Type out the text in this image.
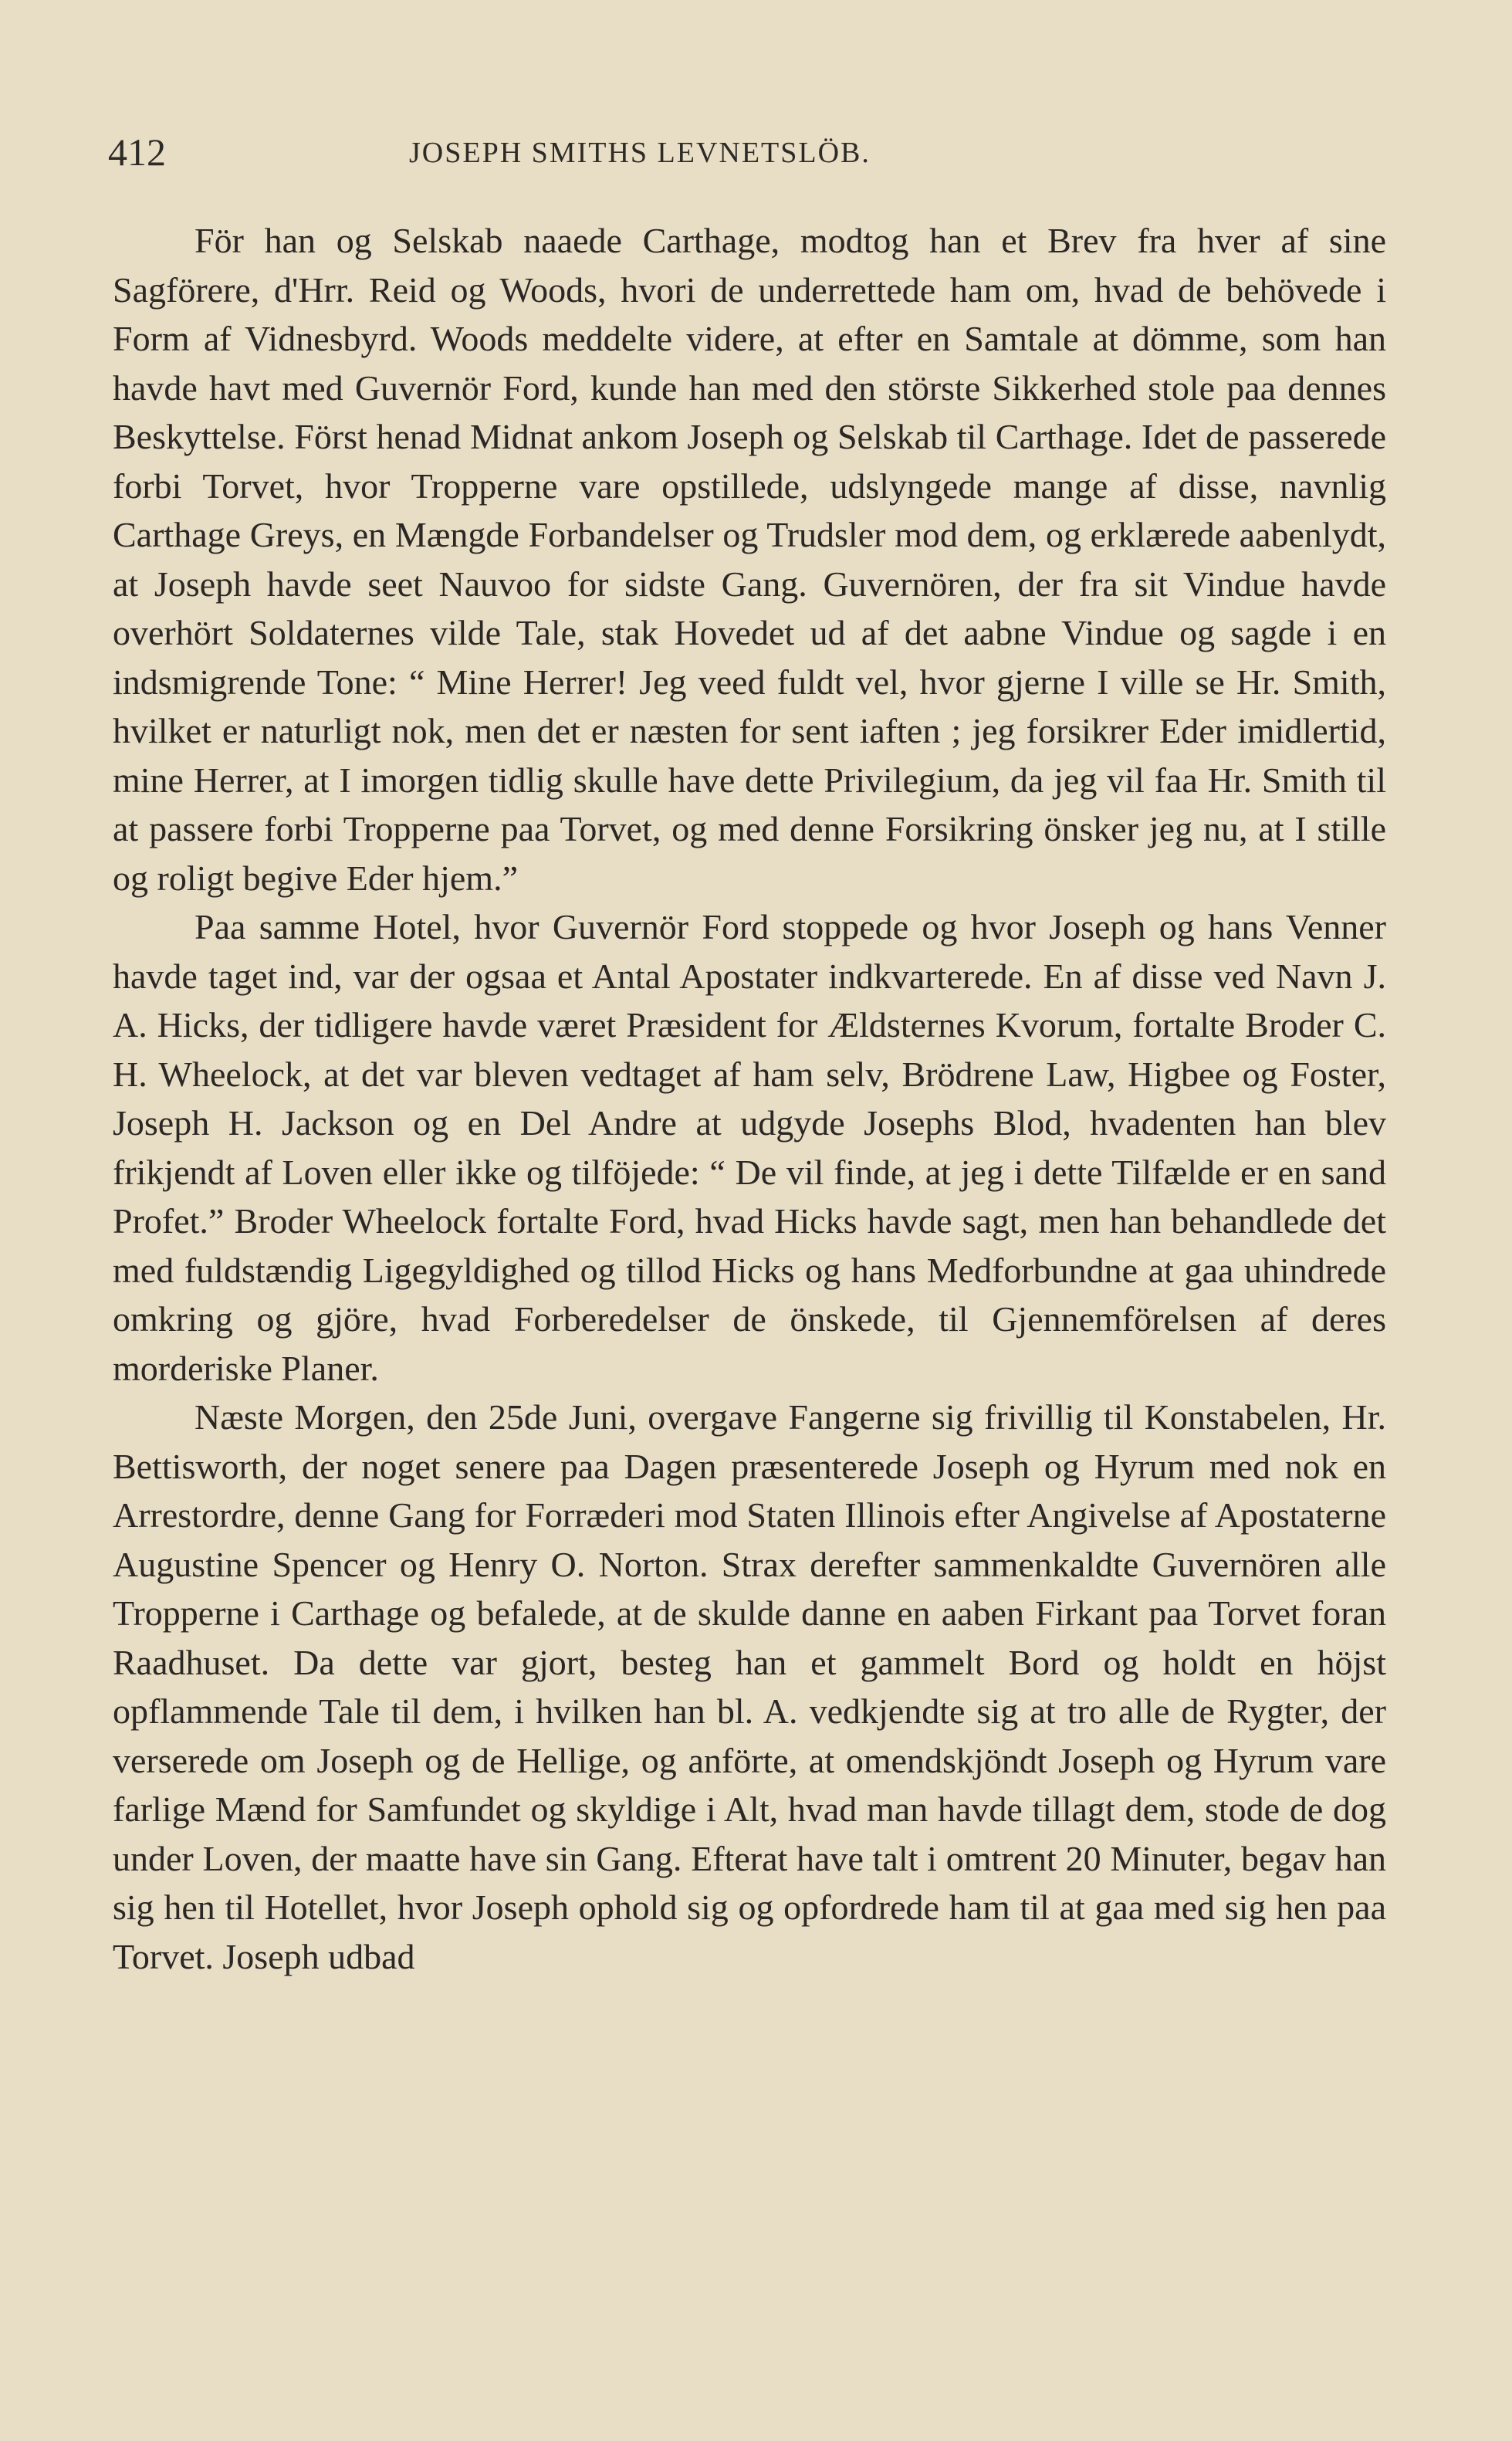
412	JOSEPH SMITHS LEVNETSLÖB.

För han og Selskab naaede Carthage, modtog han et Brev fra hver af sine Sagförere, d'Hrr. Reid og Woods, hvori de underrettede ham om, hvad de behövede i Form af Vidnesbyrd. Woods meddelte videre, at efter en Samtale at dömme, som han havde havt med Guvernör Ford, kunde han med den störste Sikkerhed stole paa dennes Beskyttelse. Först henad Midnat ankom Joseph og Selskab til Carthage. Idet de passerede forbi Torvet, hvor Tropperne vare opstillede, udslyngede mange af disse, navnlig Carthage Greys, en Mængde Forbandelser og Trudsler mod dem, og erklærede aabenlydt, at Joseph havde seet Nauvoo for sidste Gang. Guvernören, der fra sit Vindue havde overhört Soldaternes vilde Tale, stak Hovedet ud af det aabne Vindue og sagde i en indsmigrende Tone: “ Mine Herrer! Jeg veed fuldt vel, hvor gjerne I ville se Hr. Smith, hvilket er naturligt nok, men det er næsten for sent iaften ; jeg forsikrer Eder imidlertid, mine Herrer, at I imorgen tidlig skulle have dette Privilegium, da jeg vil faa Hr. Smith til at passere forbi Tropperne paa Torvet, og med denne Forsikring önsker jeg nu, at I stille og roligt begive Eder hjem.”

Paa samme Hotel, hvor Guvernör Ford stoppede og hvor Joseph og hans Venner havde taget ind, var der ogsaa et Antal Apostater indkvarterede. En af disse ved Navn J. A. Hicks, der tidligere havde været Præsident for Ældsternes Kvorum, fortalte Broder C. H. Wheelock, at det var bleven vedtaget af ham selv, Brödrene Law, Higbee og Foster, Joseph H. Jackson og en Del Andre at udgyde Josephs Blod, hvadenten han blev frikjendt af Loven eller ikke og tilföjede: “ De vil finde, at jeg i dette Tilfælde er en sand Profet.” Broder Wheelock fortalte Ford, hvad Hicks havde sagt, men han behandlede det med fuldstændig Ligegyldighed og tillod Hicks og hans Medforbundne at gaa uhindrede omkring og gjöre, hvad Forberedelser de önskede, til Gjennemförelsen af deres morderiske Planer.

Næste Morgen, den 25de Juni, overgave Fangerne sig frivillig til Konstabelen, Hr. Bettisworth, der noget senere paa Dagen præsenterede Joseph og Hyrum med nok en Arrestordre, denne Gang for Forræderi mod Staten Illinois efter Angivelse af Apostaterne Augustine Spencer og Henry O. Norton. Strax derefter sammenkaldte Guvernören alle Tropperne i Carthage og befalede, at de skulde danne en aaben Firkant paa Torvet foran Raadhuset. Da dette var gjort, besteg han et gammelt Bord og holdt en höjst opflammende Tale til dem, i hvilken han bl. A. vedkjendte sig at tro alle de Rygter, der verserede om Joseph og de Hellige, og anförte, at omendskjöndt Joseph og Hyrum vare farlige Mænd for Samfundet og skyldige i Alt, hvad man havde tillagt dem, stode de dog under Loven, der maatte have sin Gang. Efterat have talt i omtrent 20 Minuter, begav han sig hen til Hotellet, hvor Joseph ophold sig og opfordrede ham til at gaa med sig hen paa Torvet. Joseph udbad
